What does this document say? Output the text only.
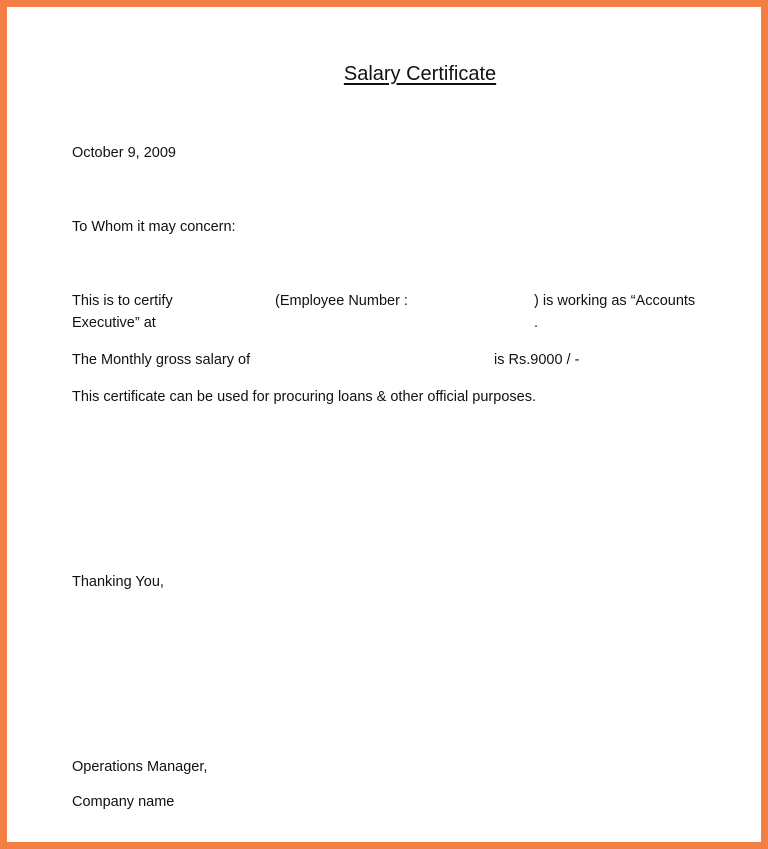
Salary Certificate
October 9, 2009
To Whom it may concern:
This is to certify	(Employee Number :	) is working as “Accounts
Executive” at	.
The Monthly gross salary of	is Rs.9000 / -
This certificate can be used for procuring loans & other official purposes.
Thanking You,
Operations Manager,
Company name
